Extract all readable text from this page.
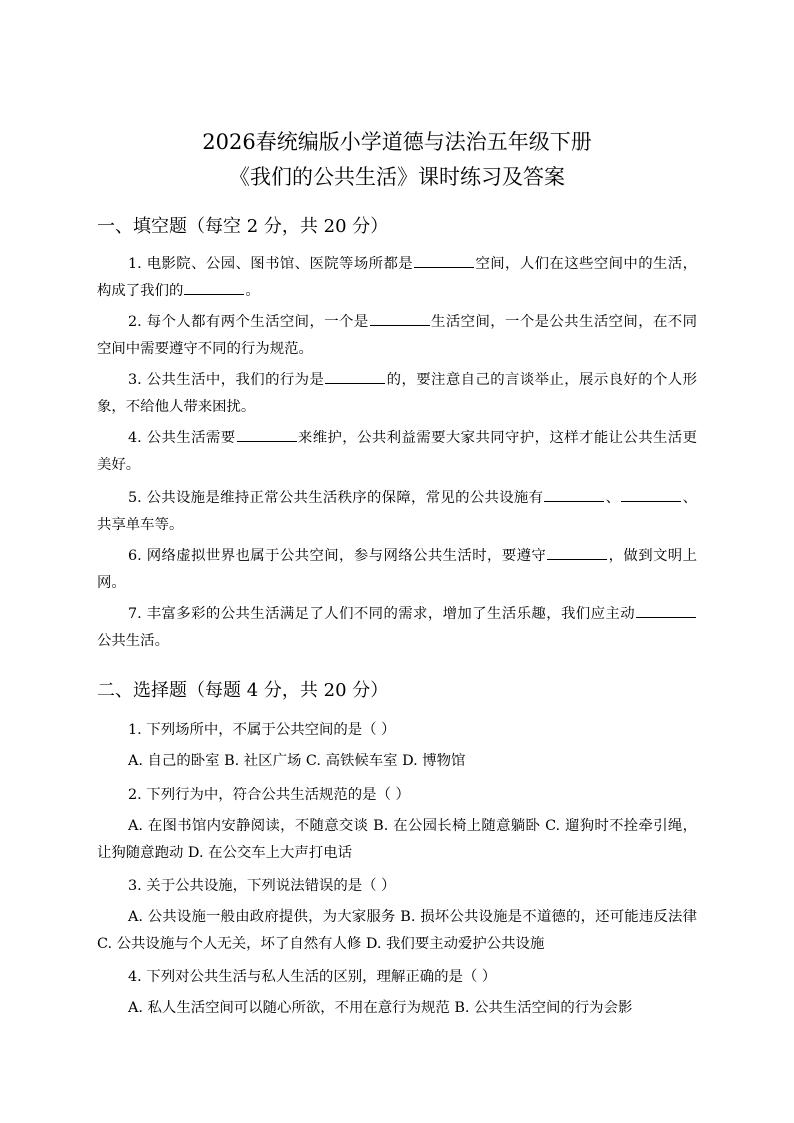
2026春统编版小学道德与法治五年级下册
《我们的公共生活》课时练习及答案
一、填空题（每空 2 分，共 20 分）

1. 电影院、公园、图书馆、医院等场所都是	空间，人们在这些空间中的生活，构成了我们的	。

2. 每个人都有两个生活空间，一个是	生活空间，一个是公共生活空间，在不同空间中需要遵守不同的行为规范。

3. 公共生活中，我们的行为是	的，要注意自己的言谈举止，展示良好的个人形象，不给他人带来困扰。

4. 公共生活需要	来维护，公共利益需要大家共同守护，这样才能让公共生活更美好。

5. 公共设施是维持正常公共生活秩序的保障，常见的公共设施有	、	、共享单车等。

6. 网络虚拟世界也属于公共空间，参与网络公共生活时，要遵守	，做到文明上网。

7. 丰富多彩的公共生活满足了人们不同的需求，增加了生活乐趣，我们应主动公共生活。

二、选择题（每题 4 分，共 20 分）
1. 下列场所中，不属于公共空间的是（ ）

A. 自己的卧室 B. 社区广场 C. 高铁候车室 D. 博物馆

2. 下列行为中，符合公共生活规范的是（ ）

A. 在图书馆内安静阅读，不随意交谈 B. 在公园长椅上随意躺卧 C. 遛狗时不拴牵引绳，让狗随意跑动 D. 在公交车上大声打电话

3. 关于公共设施，下列说法错误的是（ ）

A. 公共设施一般由政府提供，为大家服务 B. 损坏公共设施是不道德的，还可能违反法律 C. 公共设施与个人无关，坏了自然有人修 D. 我们要主动爱护公共设施

4. 下列对公共生活与私人生活的区别，理解正确的是（ ）

A. 私人生活空间可以随心所欲，不用在意行为规范 B. 公共生活空间的行为会影
